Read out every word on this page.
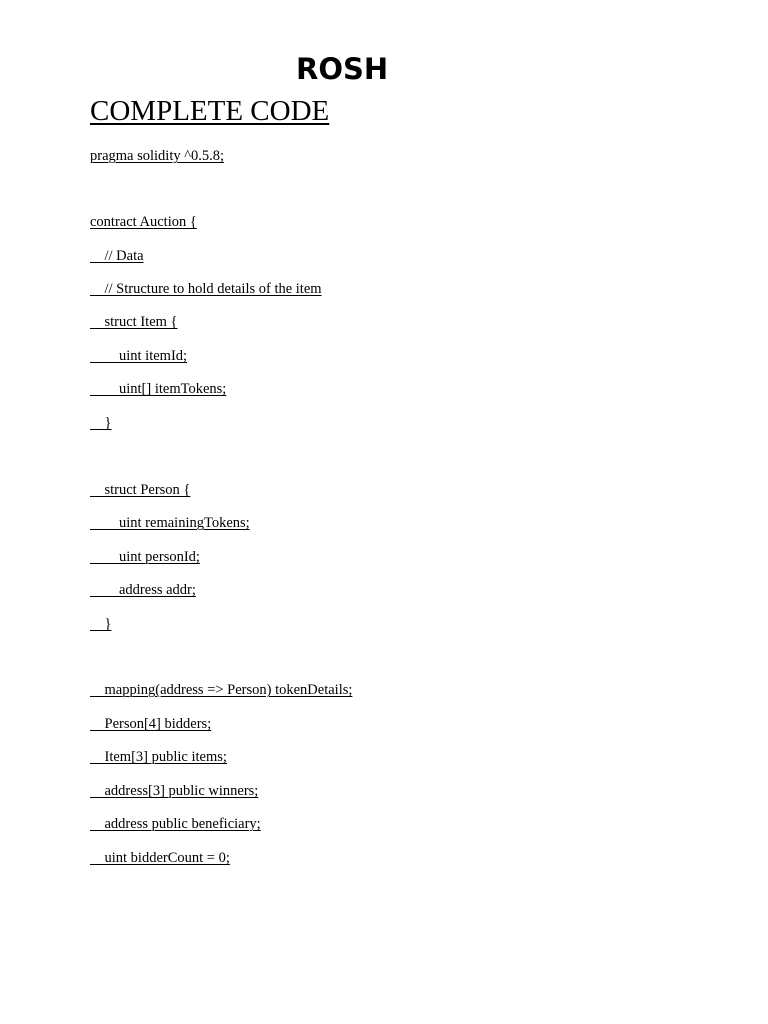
ROSH
COMPLETE CODE
pragma solidity ^0.5.8;
contract Auction {
// Data
// Structure to hold details of the item
struct Item {
uint itemId;
uint[] itemTokens;
}
struct Person {
uint remainingTokens;
uint personId;
address addr;
}
mapping(address => Person) tokenDetails;
Person[4] bidders;
Item[3] public items;
address[3] public winners;
address public beneficiary;
uint bidderCount = 0;
